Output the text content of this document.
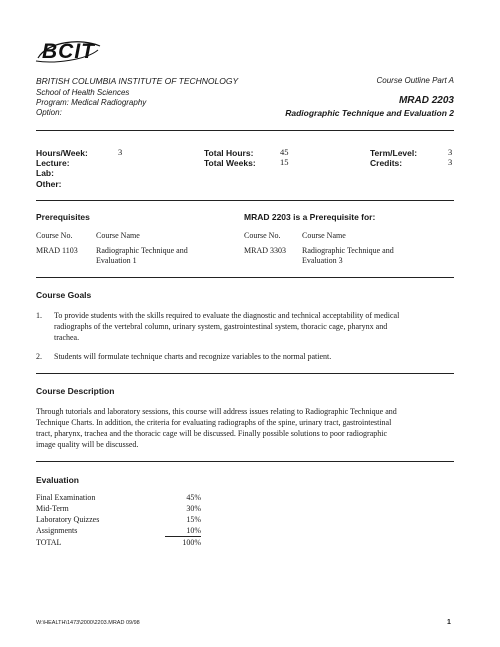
BCIT
BRITISH COLUMBIA INSTITUTE OF TECHNOLOGY
School of Health Sciences
Program: Medical Radiography
Option:
Course Outline Part A
MRAD 2203
Radiographic Technique and Evaluation 2
Hours/Week:	3
Lecture:
Lab:
Other:
Total Hours:	45
Total Weeks:	15
Term/Level:	3
Credits:	3
Prerequisites
Course No.	Course Name
MRAD 1103 Radiographic Technique and
Evaluation 1
MRAD 2203 is a Prerequisite for:
Course No.	Course Name
MRAD 3303 Radiographic Technique and
Evaluation 3
Course Goals
1. To provide students with the skills required to evaluate the diagnostic and technical acceptability of medical
radiographs of the vertebral column, urinary system, gastrointestinal system, thoracic cage, pharynx and
trachea.
2. Students will formulate technique charts and recognize variables to the normal patient.
Course Description
Through tutorials and laboratory sessions, this course will address issues relating to Radiographic Technique and
Technique Charts. In addition, the criteria for evaluating radiographs of the spine, urinary tract, gastrointestinal
tract, pharynx, trachea and the thoracic cage will be discussed. Finally possible solutions to poor radiographic
image quality will be discussed.
Evaluation
Final Examination	45%
Mid-Term	30%
Laboratory Quizzes	15%
Assignments	10%
TOTAL	100%
W:\HEALTH\1473\2000\2203.MRAD 09/98	1
